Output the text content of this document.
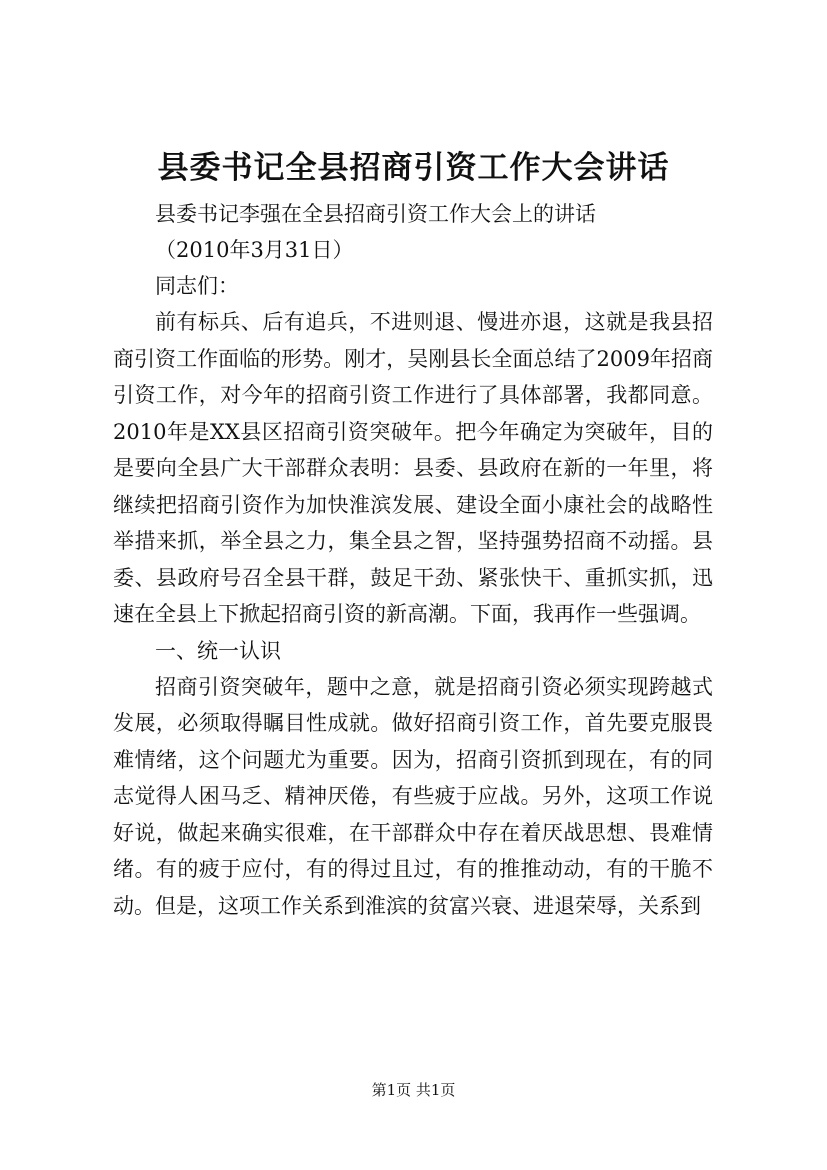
县委书记全县招商引资工作大会讲话
县委书记李强在全县招商引资工作大会上的讲话
（2010年3月31日）
同志们：

前有标兵、后有追兵，不进则退、慢进亦退，这就是我县招商引资工作面临的形势。刚才，吴刚县长全面总结了2009年招商引资工作，对今年的招商引资工作进行了具体部署，我都同意。2010年是XX县区招商引资突破年。把今年确定为突破年，目的是要向全县广大干部群众表明：县委、县政府在新的一年里，将继续把招商引资作为加快淮滨发展、建设全面小康社会的战略性举措来抓，举全县之力，集全县之智，坚持强势招商不动摇。县委、县政府号召全县干群，鼓足干劲、紧张快干、重抓实抓，迅速在全县上下掀起招商引资的新高潮。下面，我再作一些强调。

一、统一认识

招商引资突破年，题中之意，就是招商引资必须实现跨越式发展，必须取得瞩目性成就。做好招商引资工作，首先要克服畏难情绪，这个问题尤为重要。因为，招商引资抓到现在，有的同志觉得人困马乏、精神厌倦，有些疲于应战。另外，这项工作说好说，做起来确实很难，在干部群众中存在着厌战思想、畏难情绪。有的疲于应付，有的得过且过，有的推推动动，有的干脆不动。但是，这项工作关系到淮滨的贫富兴衰、进退荣辱，关系到

第1页 共1页
